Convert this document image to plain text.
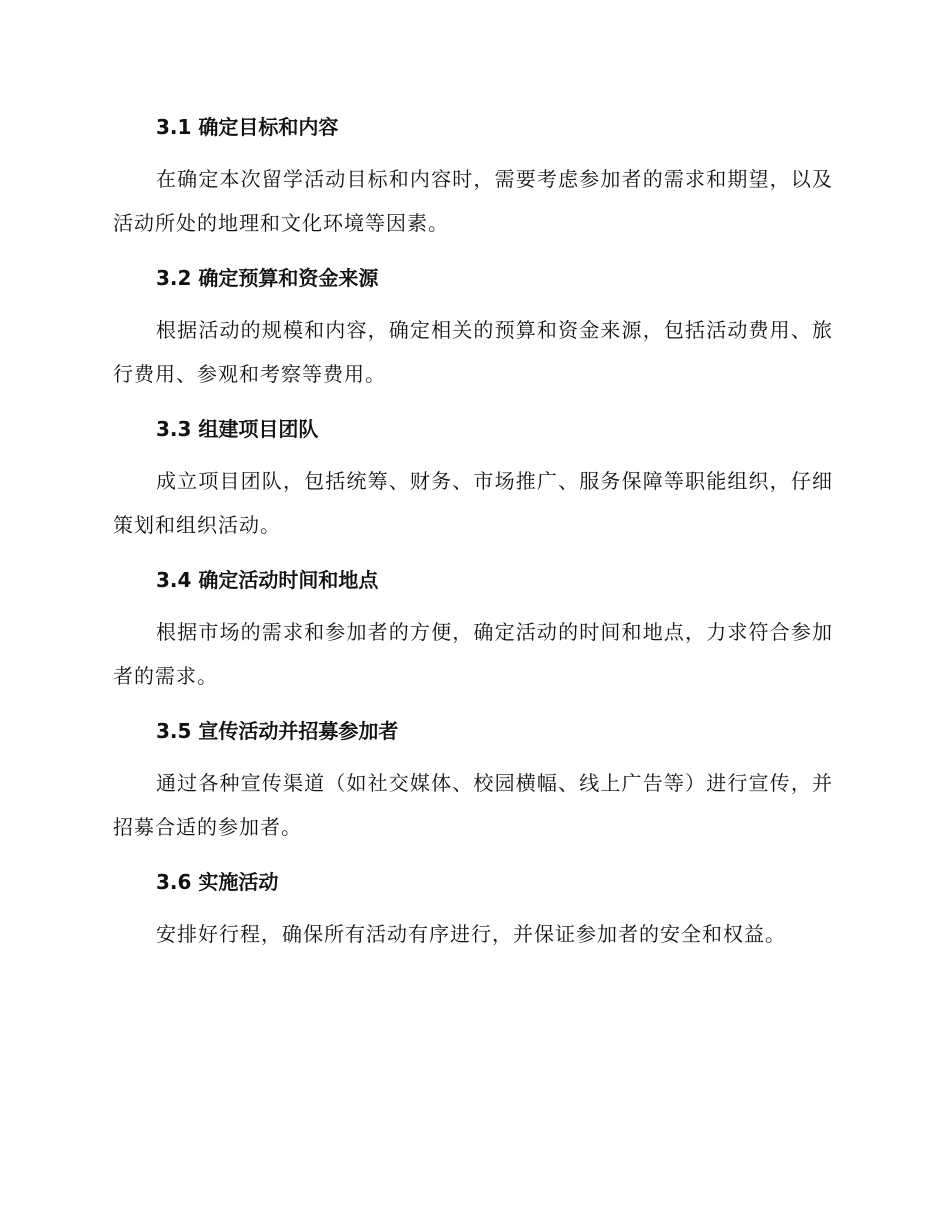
3.1 确定目标和内容

在确定本次留学活动目标和内容时，需要考虑参加者的需求和期望，以及活动所处的地理和文化环境等因素。

3.2 确定预算和资金来源

根据活动的规模和内容，确定相关的预算和资金来源，包括活动费用、旅行费用、参观和考察等费用。

3.3 组建项目团队

成立项目团队，包括统筹、财务、市场推广、服务保障等职能组织，仔细策划和组织活动。

3.4 确定活动时间和地点

根据市场的需求和参加者的方便，确定活动的时间和地点，力求符合参加者的需求。

3.5 宣传活动并招募参加者

通过各种宣传渠道（如社交媒体、校园横幅、线上广告等）进行宣传，并招募合适的参加者。

3.6 实施活动

安排好行程，确保所有活动有序进行，并保证参加者的安全和权益。
